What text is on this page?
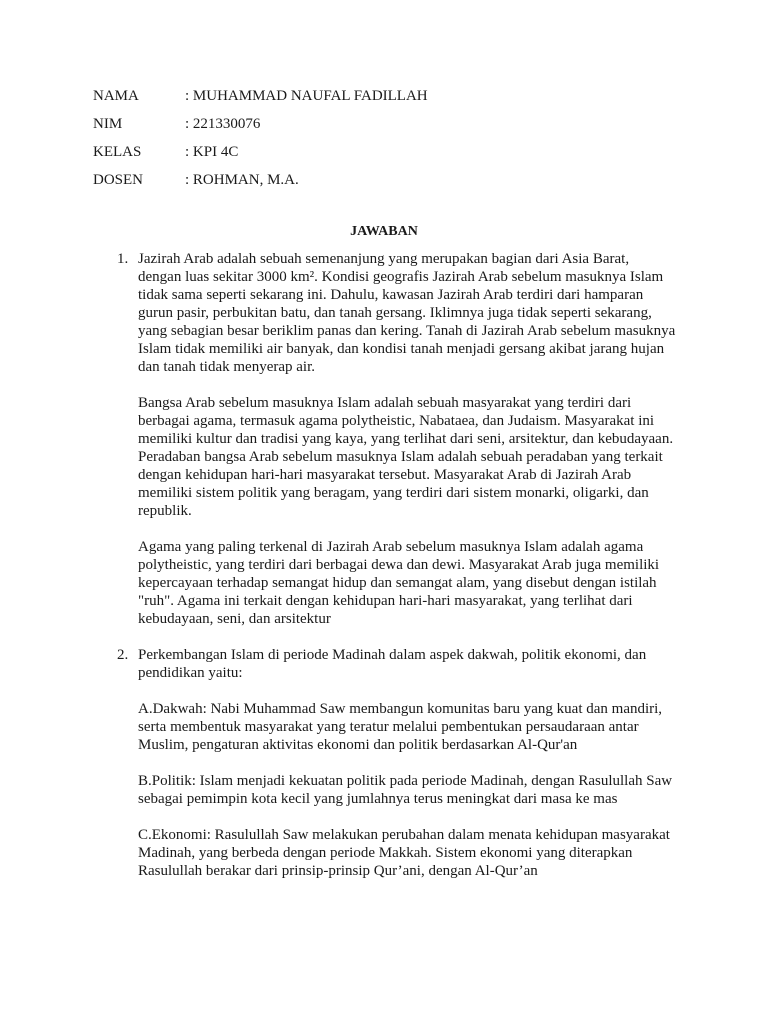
NAMA	: MUHAMMAD NAUFAL FADILLAH
NIM	: 221330076
KELAS	: KPI 4C
DOSEN	: ROHMAN, M.A.
JAWABAN
1. Jazirah Arab adalah sebuah semenanjung yang merupakan bagian dari Asia Barat, dengan luas sekitar 3000 km². Kondisi geografis Jazirah Arab sebelum masuknya Islam tidak sama seperti sekarang ini. Dahulu, kawasan Jazirah Arab terdiri dari hamparan gurun pasir, perbukitan batu, dan tanah gersang. Iklimnya juga tidak seperti sekarang, yang sebagian besar beriklim panas dan kering. Tanah di Jazirah Arab sebelum masuknya Islam tidak memiliki air banyak, dan kondisi tanah menjadi gersang akibat jarang hujan dan tanah tidak menyerap air.

Bangsa Arab sebelum masuknya Islam adalah sebuah masyarakat yang terdiri dari berbagai agama, termasuk agama polytheistic, Nabataea, dan Judaism. Masyarakat ini memiliki kultur dan tradisi yang kaya, yang terlihat dari seni, arsitektur, dan kebudayaan. Peradaban bangsa Arab sebelum masuknya Islam adalah sebuah peradaban yang terkait dengan kehidupan hari-hari masyarakat tersebut. Masyarakat Arab di Jazirah Arab memiliki sistem politik yang beragam, yang terdiri dari sistem monarki, oligarki, dan republik.

Agama yang paling terkenal di Jazirah Arab sebelum masuknya Islam adalah agama polytheistic, yang terdiri dari berbagai dewa dan dewi. Masyarakat Arab juga memiliki kepercayaan terhadap semangat hidup dan semangat alam, yang disebut dengan istilah "ruh". Agama ini terkait dengan kehidupan hari-hari masyarakat, yang terlihat dari kebudayaan, seni, dan arsitektur

2. Perkembangan Islam di periode Madinah dalam aspek dakwah, politik ekonomi, dan pendidikan yaitu:

A.Dakwah: Nabi Muhammad Saw membangun komunitas baru yang kuat dan mandiri, serta membentuk masyarakat yang teratur melalui pembentukan persaudaraan antar Muslim, pengaturan aktivitas ekonomi dan politik berdasarkan Al-Qur'an

B.Politik: Islam menjadi kekuatan politik pada periode Madinah, dengan Rasulullah Saw sebagai pemimpin kota kecil yang jumlahnya terus meningkat dari masa ke mas

C.Ekonomi: Rasulullah Saw melakukan perubahan dalam menata kehidupan masyarakat Madinah, yang berbeda dengan periode Makkah. Sistem ekonomi yang diterapkan Rasulullah berakar dari prinsip-prinsip Qur’ani, dengan Al-Qur’an
